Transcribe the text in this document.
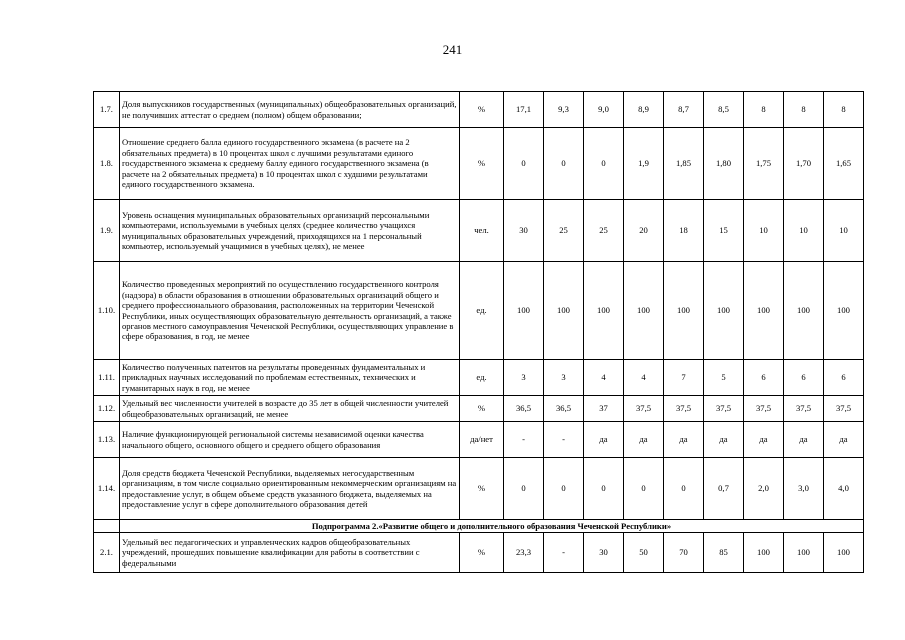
241
1.7.	Доля выпускников государственных (муниципальных) общеобразовательных организаций, не получивших аттестат о среднем (полном) общем образовании;	%	17,1	9,3	9,0	8,9	8,7	8,5	8	8	8
1.8.	Отношение среднего балла единого государственного экзамена (в расчете на 2 обязательных предмета) в 10 процентах школ с лучшими результатами единого государственного экзамена к среднему баллу единого государственного экзамена (в расчете на 2 обязательных предмета) в 10 процентах школ с худшими результатами единого государственного экзамена.	%	0	0	0	1,9	1,85	1,80	1,75	1,70	1,65
1.9.	Уровень оснащения муниципальных образовательных организаций персональными компьютерами, используемыми в учебных целях (среднее количество учащихся муниципальных образовательных учреждений, приходящихся на 1 персональный компьютер, используемый учащимися в учебных целях), не менее	чел.	30	25	25	20	18	15	10	10	10
1.10.	Количество проведенных мероприятий по осуществлению государственного контроля (надзора) в области образования в отношении образовательных организаций общего и среднего профессионального образования, расположенных на территории Чеченской Республики, иных осуществляющих образовательную деятельность организаций, а также органов местного самоуправления Чеченской Республики, осуществляющих управление в сфере образования, в год, не менее	ед.	100	100	100	100	100	100	100	100	100
1.11.	Количество полученных патентов на результаты проведенных фундаментальных и прикладных научных исследований по проблемам естественных, технических и гуманитарных наук в год, не менее	ед.	3	3	4	4	7	5	6	6	6
1.12.	Удельный вес численности учителей в возрасте до 35 лет в общей численности учителей общеобразовательных организаций, не менее	%	36,5	36,5	37	37,5	37,5	37,5	37,5	37,5	37,5
1.13.	Наличие функционирующей региональной системы независимой оценки качества начального общего, основного общего и среднего общего образования	да/нет	-	-	да	да	да	да	да	да	да
1.14.	Доля средств бюджета Чеченской Республики, выделяемых негосударственным организациям, в том числе социально ориентированным некоммерческим организациям на предоставление услуг, в общем объеме средств указанного бюджета, выделяемых на предоставление услуг в сфере дополнительного образования детей	%	0	0	0	0	0	0,7	2,0	3,0	4,0
	Подпрограмма 2.«Развитие общего и дополнительного образования Чеченской Республики»										
2.1.	Удельный вес педагогических и управленческих кадров общеобразовательных учреждений, прошедших повышение квалификации для работы в соответствии с федеральными	%	23,3	-	30	50	70	85	100	100	100
